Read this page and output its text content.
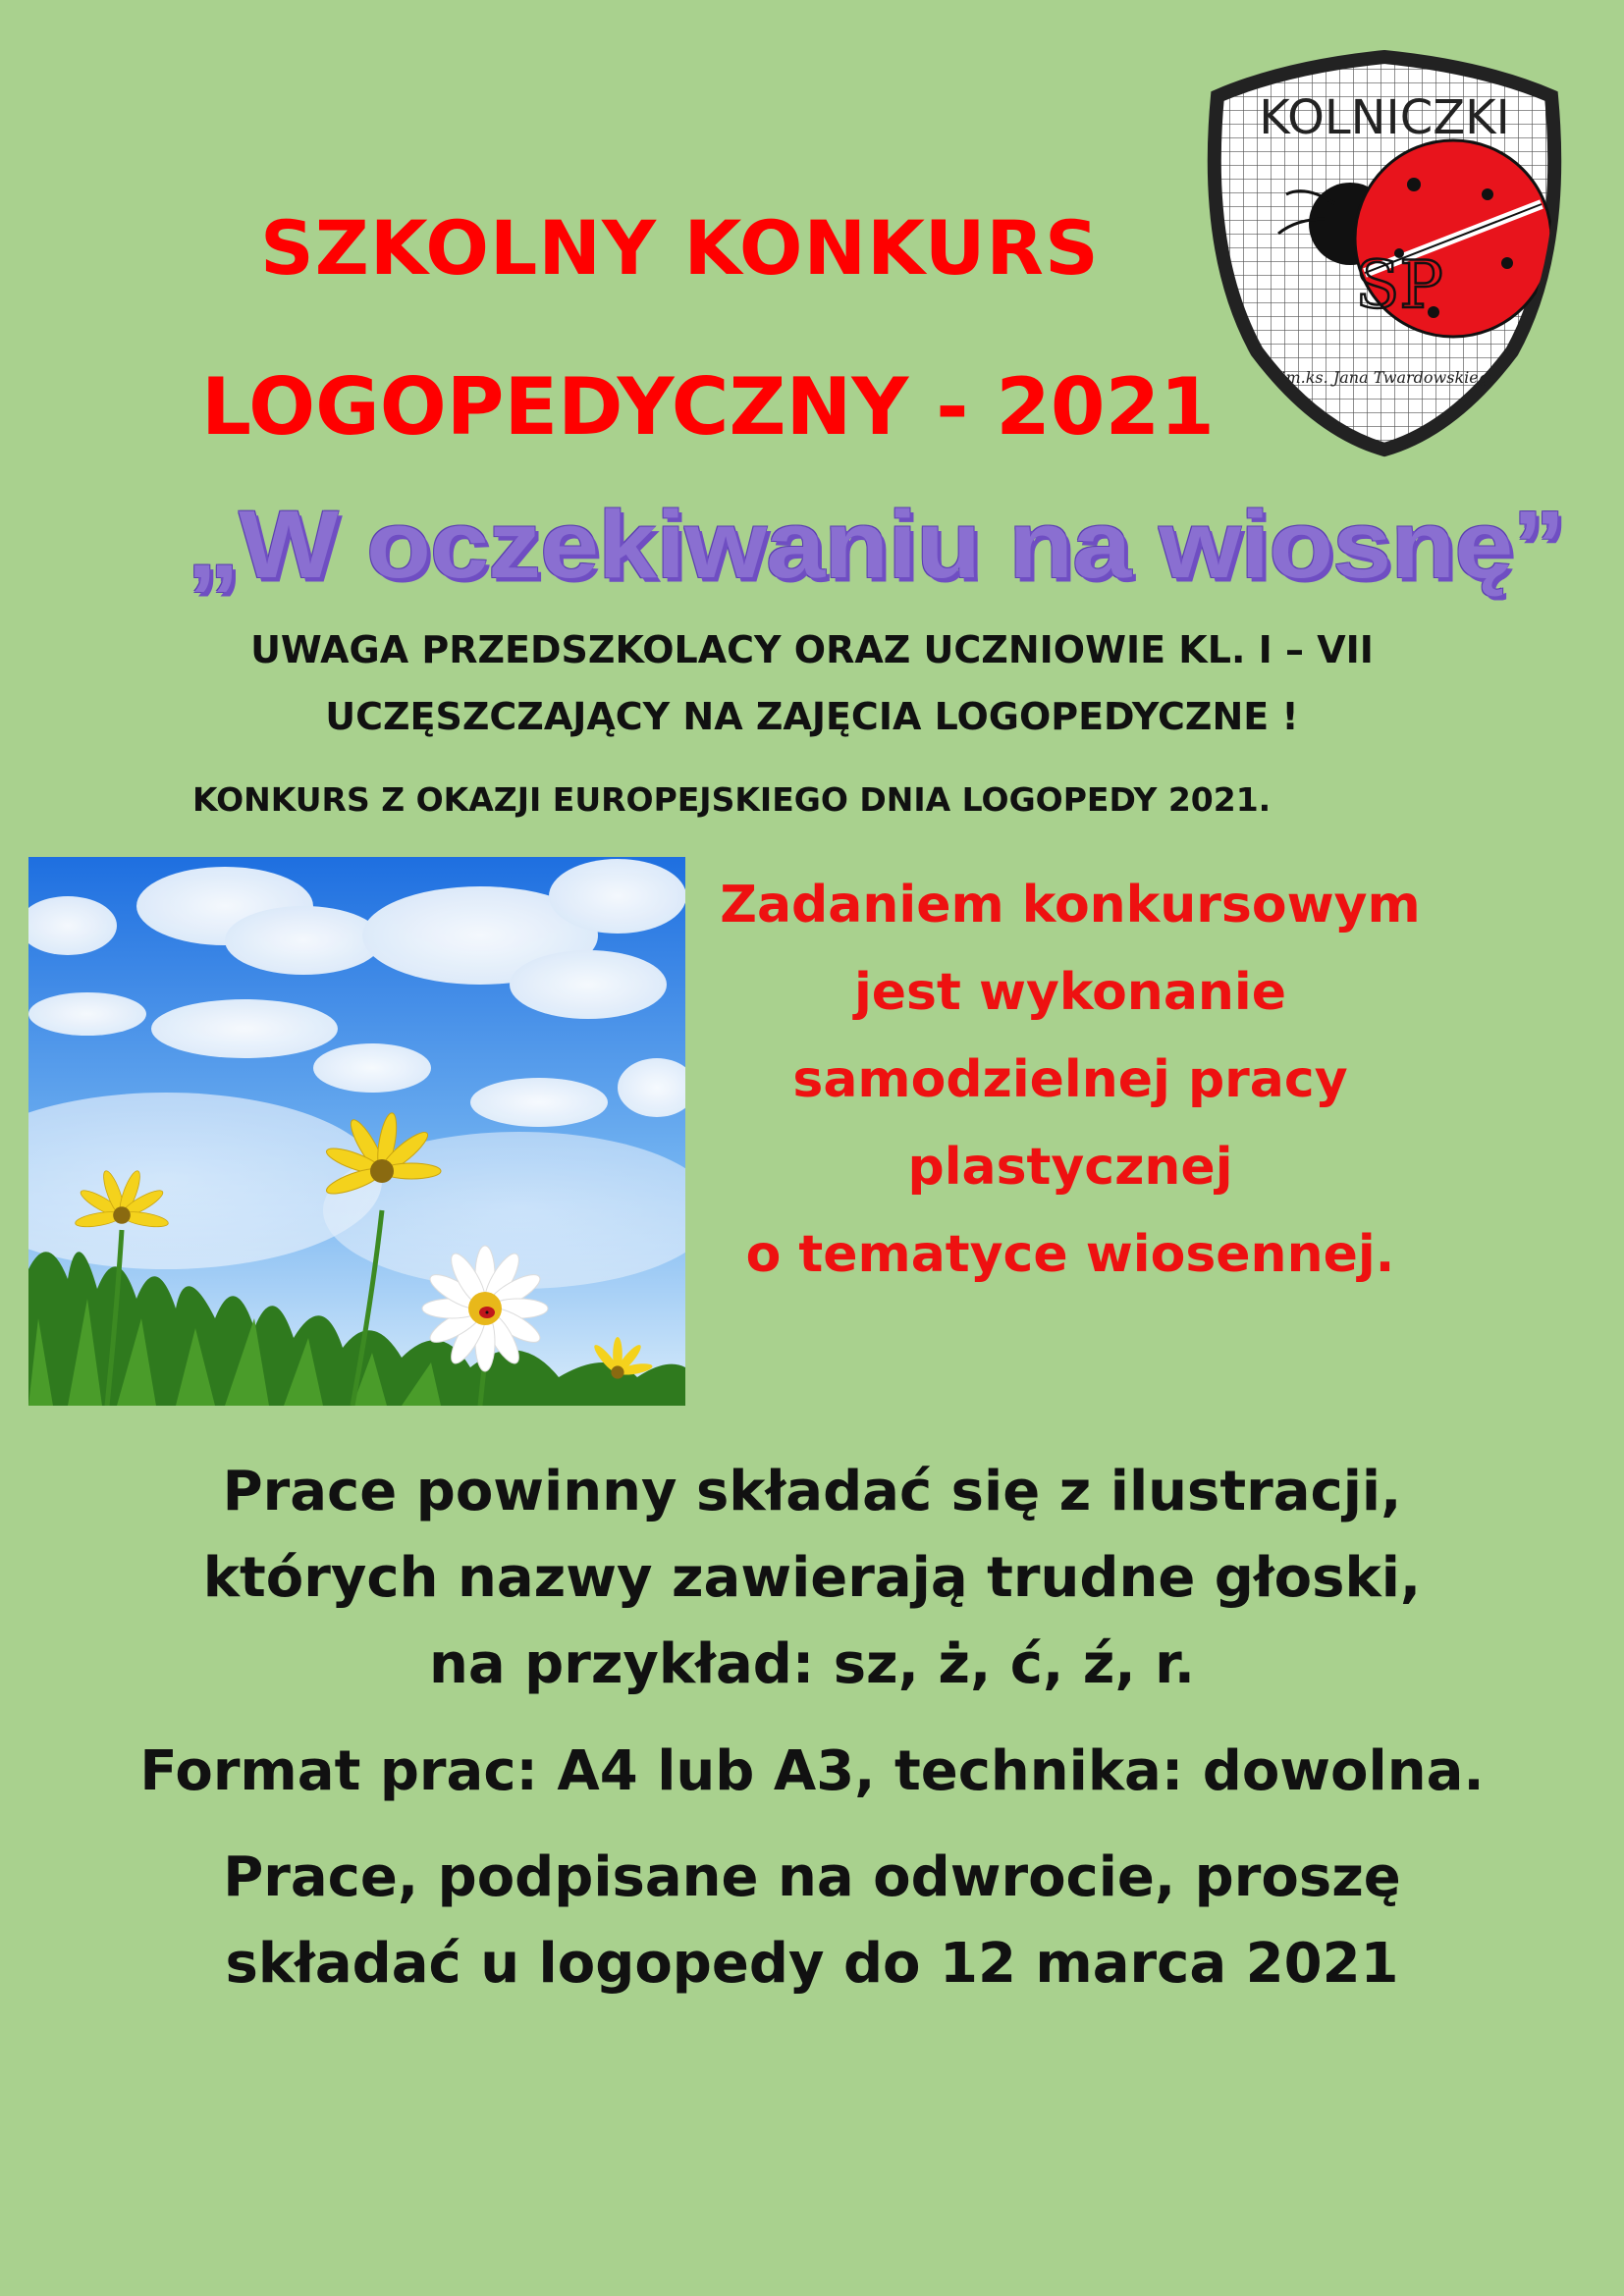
SZKOLNY KONKURS
LOGOPEDYCZNY - 2021
KOLNICZKI
SP
im.ks. Jana Twardowskiego
„W oczekiwaniu na wiosnę”
UWAGA PRZEDSZKOLACY ORAZ UCZNIOWIE KL. I – VII
UCZĘSZCZAJĄCY NA ZAJĘCIA LOGOPEDYCZNE !
KONKURS Z OKAZJI EUROPEJSKIEGO DNIA LOGOPEDY 2021.
Zadaniem konkursowym
jest wykonanie
samodzielnej pracy
plastycznej
o tematyce wiosennej.
Prace powinny składać się z ilustracji,
których nazwy zawierają trudne głoski,
na przykład: sz, ż, ć, ź, r.
Format prac: A4 lub A3, technika: dowolna.
Prace, podpisane na odwrocie, proszę
składać u logopedy do 12 marca 2021
